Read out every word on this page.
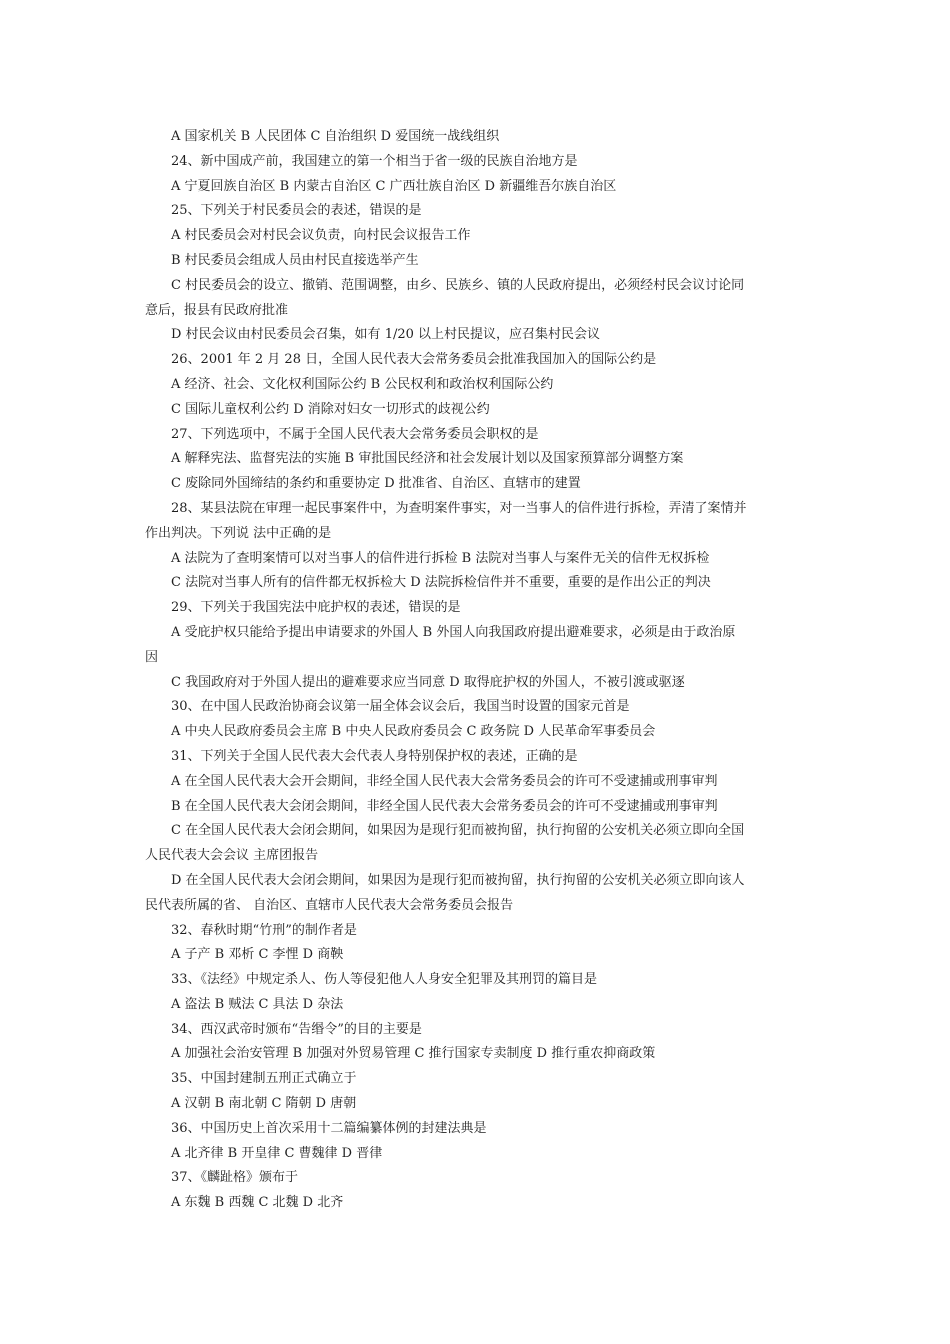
A 国家机关 B 人民团体 C 自治组织 D 爱国统一战线组织

24、新中国成产前，我国建立的第一个相当于省一级的民族自治地方是

A 宁夏回族自治区 B 内蒙古自治区 C 广西壮族自治区 D 新疆维吾尔族自治区

25、下列关于村民委员会的表述，错误的是

A 村民委员会对村民会议负责，向村民会议报告工作

B 村民委员会组成人员由村民直接选举产生

C 村民委员会的设立、撤销、范围调整，由乡、民族乡、镇的人民政府提出，必须经村民会议讨论同

意后，报县有民政府批准

D 村民会议由村民委员会召集，如有 1/20 以上村民提议，应召集村民会议

26、2001 年 2 月 28 日，全国人民代表大会常务委员会批准我国加入的国际公约是

A 经济、社会、文化权利国际公约 B 公民权利和政治权利国际公约

C 国际儿童权利公约 D 消除对妇女一切形式的歧视公约

27、下列选项中，不属于全国人民代表大会常务委员会职权的是

A 解释宪法、监督宪法的实施 B 审批国民经济和社会发展计划以及国家预算部分调整方案

C 废除同外国缔结的条约和重要协定 D 批准省、自治区、直辖市的建置

28、某县法院在审理一起民事案件中，为查明案件事实，对一当事人的信件进行拆检，弄清了案情并

作出判决。下列说 法中正确的是

A 法院为了查明案情可以对当事人的信件进行拆检 B 法院对当事人与案件无关的信件无权拆检

C 法院对当事人所有的信件都无权拆检大 D 法院拆检信件并不重要，重要的是作出公正的判决

29、下列关于我国宪法中庇护权的表述，错误的是

A 受庇护权只能给予提出申请要求的外国人 B 外国人向我国政府提出避难要求，必须是由于政治原

因

C 我国政府对于外国人提出的避难要求应当同意 D 取得庇护权的外国人，不被引渡或驱逐

30、在中国人民政治协商会议第一届全体会议会后，我国当时设置的国家元首是

A 中央人民政府委员会主席 B 中央人民政府委员会 C 政务院 D 人民革命军事委员会

31、下列关于全国人民代表大会代表人身特别保护权的表述，正确的是

A 在全国人民代表大会开会期间，非经全国人民代表大会常务委员会的许可不受逮捕或刑事审判

B 在全国人民代表大会闭会期间，非经全国人民代表大会常务委员会的许可不受逮捕或刑事审判

C 在全国人民代表大会闭会期间，如果因为是现行犯而被拘留，执行拘留的公安机关必须立即向全国

人民代表大会会议 主席团报告

D 在全国人民代表大会闭会期间，如果因为是现行犯而被拘留，执行拘留的公安机关必须立即向该人

民代表所属的省、 自治区、直辖市人民代表大会常务委员会报告

32、春秋时期“竹刑”的制作者是

A 子产 B 邓析 C 李悝 D 商鞅

33、《法经》中规定杀人、伤人等侵犯他人人身安全犯罪及其刑罚的篇目是

A 盗法 B 贼法 C 具法 D 杂法

34、西汉武帝时颁布“告缗令”的目的主要是

A 加强社会治安管理 B 加强对外贸易管理 C 推行国家专卖制度 D 推行重农抑商政策

35、中国封建制五刑正式确立于

A 汉朝 B 南北朝 C 隋朝 D 唐朝

36、中国历史上首次采用十二篇编纂体例的封建法典是

A 北齐律 B 开皇律 C 曹魏律 D 晋律

37、《麟趾格》颁布于

A 东魏 B 西魏 C 北魏 D 北齐
